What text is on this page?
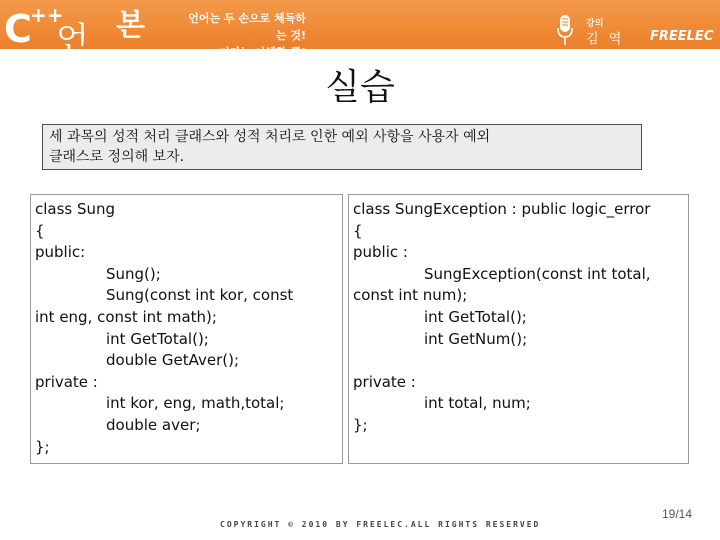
C
++
언어
본색
언어는 두 손으로 체득하는 것!
머리는 이해할 뿐!
강의
김 역 FREELEC
실습
세 과목의 성적 처리 클래스와 성적 처리로 인한 예외 사항을 사용자 예외
클래스로 정의해 보자.
class Sung
{
public:
Sung();
Sung(const int kor, const
int eng, const int math);
int GetTotal();
double GetAver();
private :
int kor, eng, math,total;
double aver;
};
class SungException : public logic_error
{
public :
SungException(const int total,
const int num);
int GetTotal();
int GetNum();
private :
int total, num;
};
COPYRIGHT © 2010 BY FREELEC.ALL RIGHTS RESERVED
19/14
